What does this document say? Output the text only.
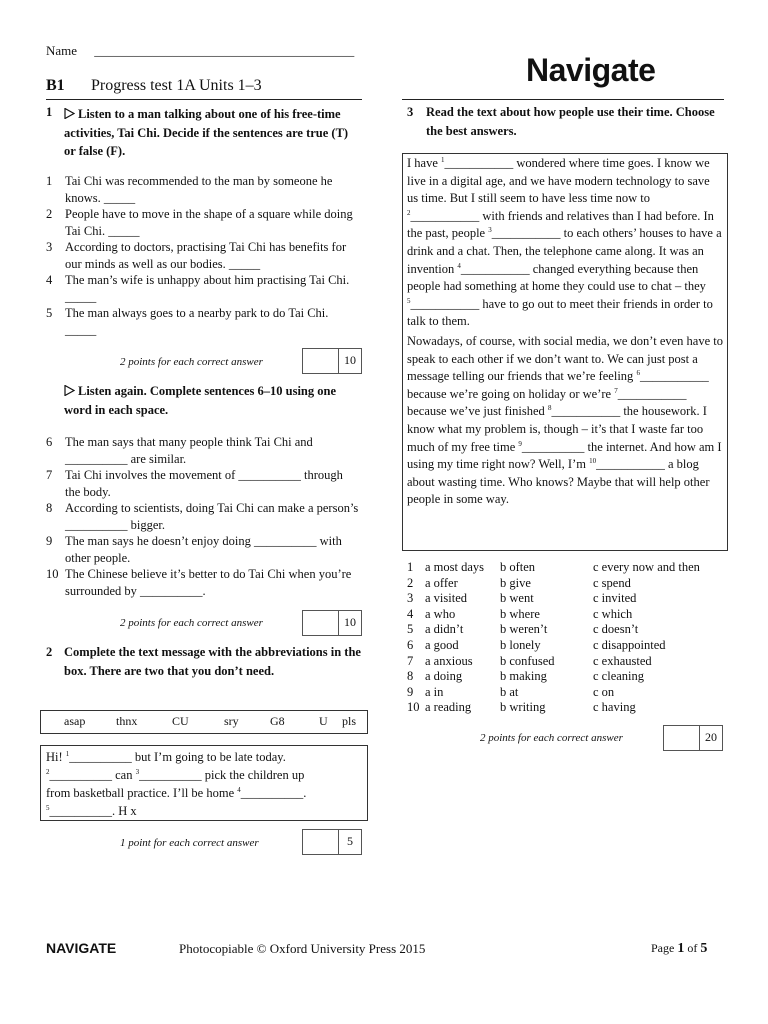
Name ________________________________________
B1 Progress test 1A Units 1–3	Navigate
1	Listen to a man talking about one of his free-time activities, Tai Chi. Decide if the sentences are true (T) or false (F).
1 Tai Chi was recommended to the man by someone he knows. _____
2 People have to move in the shape of a square while doing Tai Chi. _____
3 According to doctors, practising Tai Chi has benefits for our minds as well as our bodies. _____
4 The man’s wife is unhappy about him practising Tai Chi. _____
5 The man always goes to a nearby park to do Tai Chi. _____
2 points for each correct answer	10
Listen again. Complete sentences 6–10 using one word in each space.
6 The man says that many people think Tai Chi and __________ are similar.
7 Tai Chi involves the movement of __________ through the body.
8 According to scientists, doing Tai Chi can make a person’s __________ bigger.
9 The man says he doesn’t enjoy doing __________ with other people.
10 The Chinese believe it’s better to do Tai Chi when you’re surrounded by __________.
2 points for each correct answer	10
2 Complete the text message with the abbreviations in the box. There are two that you don’t need.
asap	thnx	CU	sry	G8	U pls
Hi! $^1$__________ but I’m going to be late today.
$^2$__________ can $^3$__________ pick the children up
from basketball practice. I’ll be home $^4$__________.
$^5$__________. H x
1 point for each correct answer	5
3 Read the text about how people use their time. Choose the best answers.

I have $^1$___________ wondered where time goes. I know we live in a digital age, and we have modern technology to save us time. But I still seem to have less time now to $^2$___________ with friends and relatives than I had before. In the past, people $^3$___________ to each others’ houses to have a drink and a chat. Then, the telephone came along. It was an invention $^4$___________ changed everything because then people had something at home they could use to chat – they $^5$___________ have to go out to meet their friends in order to talk to them.

Nowadays, of course, with social media, we don’t even have to speak to each other if we don’t want to. We can just post a message telling our friends that we’re feeling $^6$___________ because we’re going on holiday or we’re $^7$___________ because we’ve just finished $^8$___________ the housework. I know what my problem is, though – it’s that I waste far too much of my free time $^9$__________ the internet. And how am I using my time right now? Well, I’m $^{10}$___________ a blog about wasting time. Who knows? Maybe that will help other people in some way.

1	a most days	b often	c every now and then
2	a offer	b give	c spend
3	a visited	b went	c invited
4	a who	b where	c which
5	a didn’t	b weren’t	c doesn’t
6	a good	b lonely	c disappointed
7	a anxious	b confused	c exhausted
8	a doing	b making	c cleaning
9	a in	b at	c on
10	a reading	b writing	c having
2 points for each correct answer	20
NAVIGATE	Photocopiable © Oxford University Press 2015	Page 1 of 5
